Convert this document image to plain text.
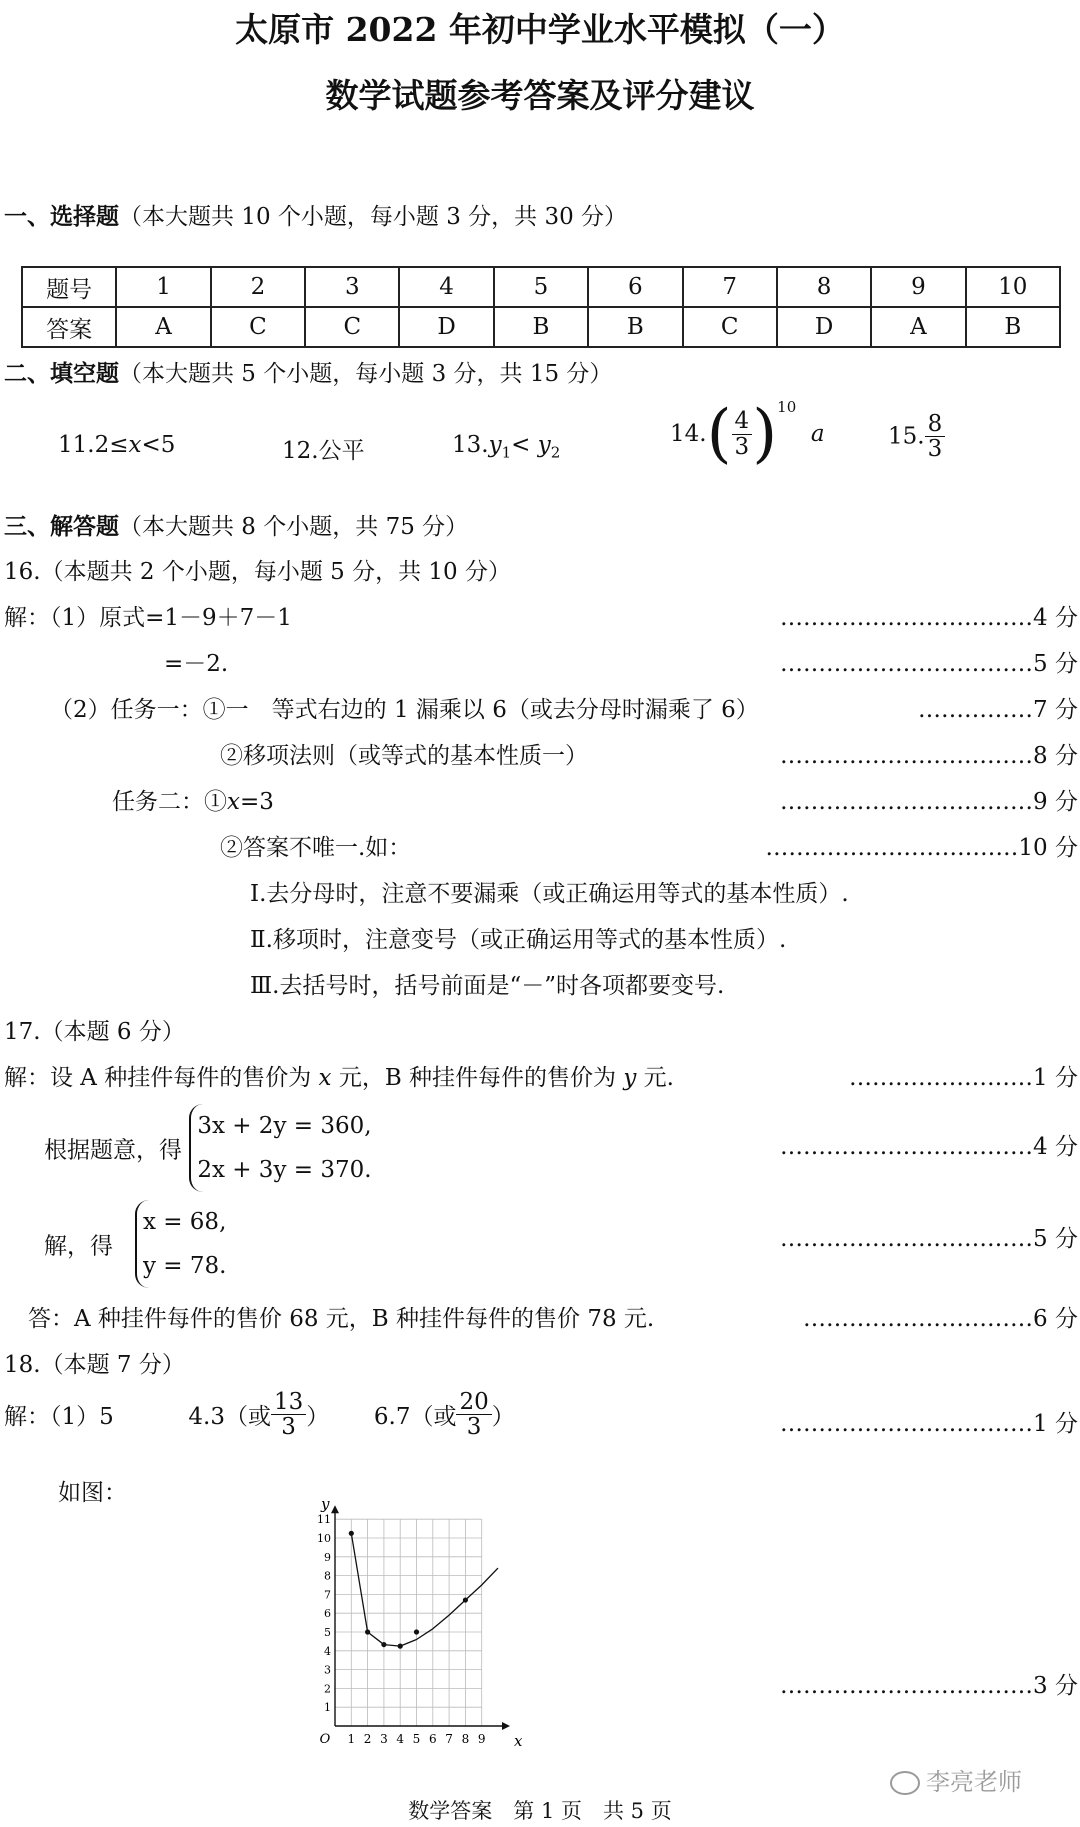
太原市 2022 年初中学业水平模拟（一）
数学试题参考答案及评分建议
一、选择题（本大题共 10 个小题，每小题 3 分，共 30 分）
题号	1	2	3	4	5	6	7	8	9	10
答案	A	C	C	D	B	B	C	D	A	B
二、填空题（本大题共 5 个小题，每小题 3 分，共 15 分）
11.2≤x<5	12.公平	$13.y_1< y_2$
$14.( \frac{4}{3} )^{10}$  a	15. $\frac{8}{3}$
三、解答题（本大题共 8 个小题，共 75 分）
16.（本题共 2 个小题，每小题 5 分，共 10 分）
解：（1）原式=1－9＋7－1	……………………………4 分
=－2.	……………………………5 分
（2）任务一：①一　等式右边的 1 漏乘以 6（或去分母时漏乘了 6）	……………7 分
②移项法则（或等式的基本性质一）	……………………………8 分
任务二：①x=3	……………………………9 分
②答案不唯一.如：	……………………………10 分
Ⅰ.去分母时，注意不要漏乘（或正确运用等式的基本性质）.
Ⅱ.移项时，注意变号（或正确运用等式的基本性质）.
Ⅲ.去括号时，括号前面是“－”时各项都要变号.
17.（本题 6 分）
解：设 A 种挂件每件的售价为 x 元，B 种挂件每件的售价为 y 元.	……………………1 分
根据题意，得
3x + 2y = 360,
2x + 3y = 370.
……………………………4 分
解，得
x = 68,
y = 78.
……………………………5 分
答：A 种挂件每件的售价 68 元，B 种挂件每件的售价 78 元.	…………………………6 分
18.（本题 7 分）
解：（1）5	4.3（或 $\frac{13}{3}$ ） 6.7（或 $\frac{20}{3}$ ）	……………………………1 分
如图：
1 2 3 4 5 6 7 8 9
1
2
3
4
5
6
7
8
9
10
11
O	x
y
……………………………3 分
数学答案　第 1 页　共 5 页
李亮老师
